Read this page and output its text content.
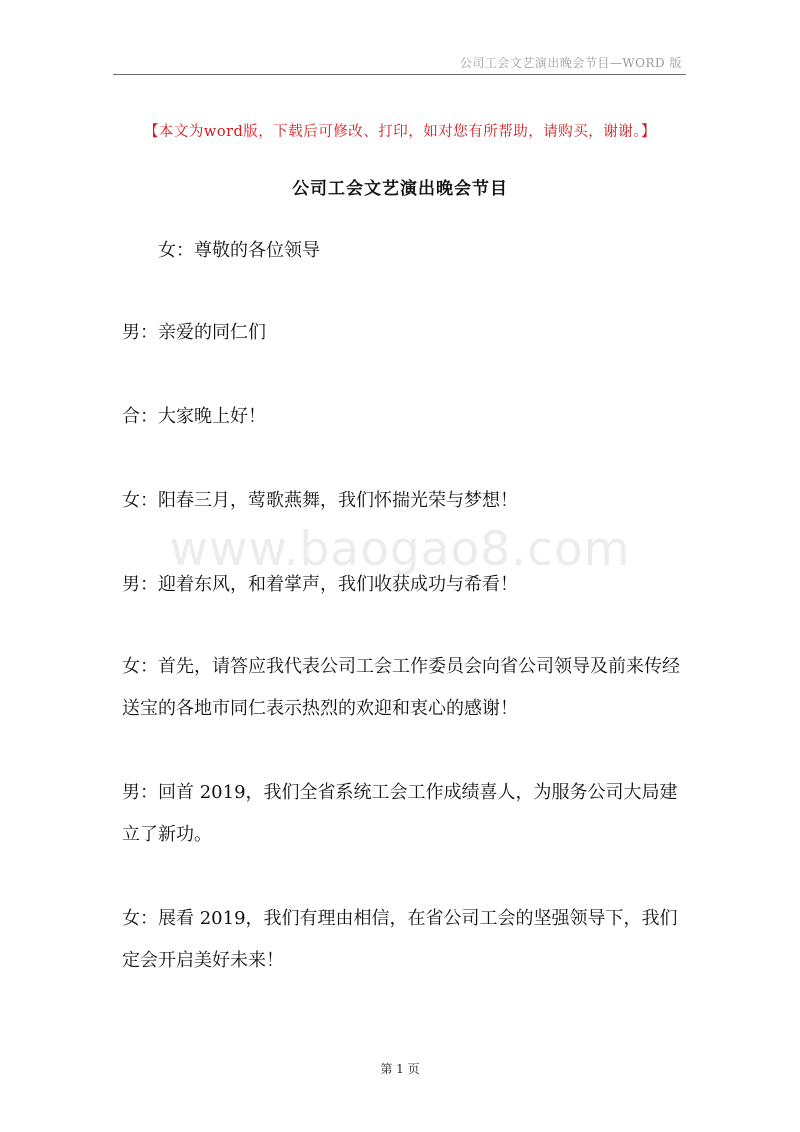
公司工会文艺演出晚会节目—WORD 版
【本文为word版，下载后可修改、打印，如对您有所帮助，请购买，谢谢。】
公司工会文艺演出晚会节目
www.baogao8.com
女：尊敬的各位领导
男：亲爱的同仁们
合：大家晚上好！
女：阳春三月，莺歌燕舞，我们怀揣光荣与梦想！
男：迎着东风，和着掌声，我们收获成功与希看！
女：首先，请答应我代表公司工会工作委员会向省公司领导及前来传经送宝的各地市同仁表示热烈的欢迎和衷心的感谢！
男：回首 2019，我们全省系统工会工作成绩喜人，为服务公司大局建立了新功。
女：展看 2019，我们有理由相信，在省公司工会的坚强领导下，我们定会开启美好未来！
第 1 页
